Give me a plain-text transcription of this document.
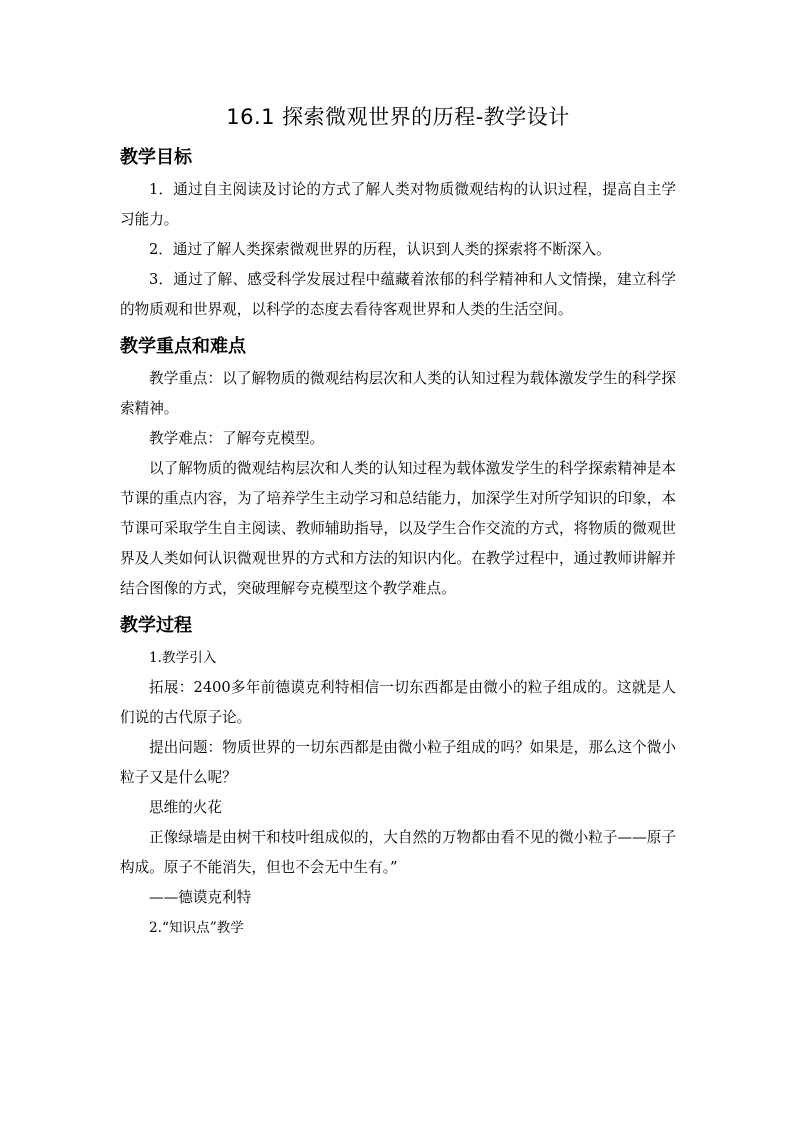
16.1 探索微观世界的历程-教学设计
教学目标

1．通过自主阅读及讨论的方式了解人类对物质微观结构的认识过程，提高自主学习能力。

2．通过了解人类探索微观世界的历程，认识到人类的探索将不断深入。

3．通过了解、感受科学发展过程中蕴藏着浓郁的科学精神和人文情操，建立科学的物质观和世界观，以科学的态度去看待客观世界和人类的生活空间。

教学重点和难点

教学重点：以了解物质的微观结构层次和人类的认知过程为载体激发学生的科学探索精神。

教学难点：了解夸克模型。

以了解物质的微观结构层次和人类的认知过程为载体激发学生的科学探索精神是本节课的重点内容，为了培养学生主动学习和总结能力，加深学生对所学知识的印象，本节课可采取学生自主阅读、教师辅助指导，以及学生合作交流的方式，将物质的微观世界及人类如何认识微观世界的方式和方法的知识内化。在教学过程中，通过教师讲解并结合图像的方式，突破理解夸克模型这个教学难点。

教学过程

1.教学引入

拓展：2400多年前德谟克利特相信一切东西都是由微小的粒子组成的。这就是人们说的古代原子论。

提出问题：物质世界的一切东西都是由微小粒子组成的吗？如果是，那么这个微小粒子又是什么呢？

思维的火花

正像绿墙是由树干和枝叶组成似的，大自然的万物都由看不见的微小粒子——原子构成。原子不能消失，但也不会无中生有。”

——德谟克利特

2.“知识点”教学
